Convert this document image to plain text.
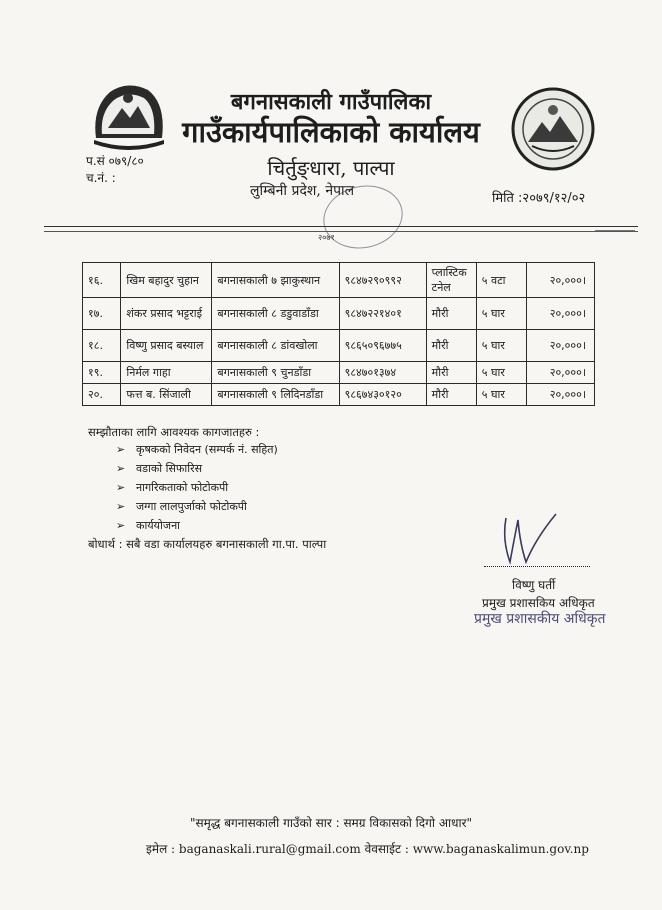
बगनासकाली गाउँपालिका
गाउँकार्यपालिकाको कार्यालय
चिर्तुङ्धारा, पाल्पा
लुम्बिनी प्रदेश, नेपाल
प.सं ०७९/८०
च.नं. :
मिति :२०७९/१२/०२
२०७१
१६.	खिम बहादुर चुहान	बगनासकाली ७ झाकुस्थान	९८४७२९०९९२	प्लास्टिक टनेल	५ वटा	२०,०००।
१७.	शंकर प्रसाद भट्टराई	बगनासकाली ८ डडुवाडाँडा	९८४७२२१४०१	मौरी	५ घार	२०,०००।
१८.	विष्णु प्रसाद बस्याल	बगनासकाली ८ डांवखोला	९८६५०९६७७५	मौरी	५ घार	२०,०००।
१९.	निर्मल गाहा	बगनासकाली ९ चुनडाँडा	९८४७०१३७४	मौरी	५ घार	२०,०००।
२०.	फत्त ब. सिंजाली	बगनासकाली ९ लिदिनडाँडा	९८६७४३०१२०	मौरी	५ घार	२०,०००।
सम्झौताका लागि आवश्यक कागजातहरु :
➢ कृषकको निवेदन (सम्पर्क नं. सहित)
➢ वडाको सिफारिस
➢ नागरिकताको फोटोकपी
➢ जग्गा लालपुर्जाको फोटोकपी
➢ कार्ययोजना
बोधार्थ : सबै वडा कार्यालयहरु बगनासकाली गा.पा. पाल्पा
विष्णु घर्ती
प्रमुख प्रशासकिय अधिकृत
प्रमुख प्रशासकीय अधिकृत
"समृद्ध बगनासकाली गाउँको सार : समग्र विकासको दिगो आधार"
इमेल : baganaskali.rural@gmail.com वेवसाईट : www.baganaskalimun.gov.np
